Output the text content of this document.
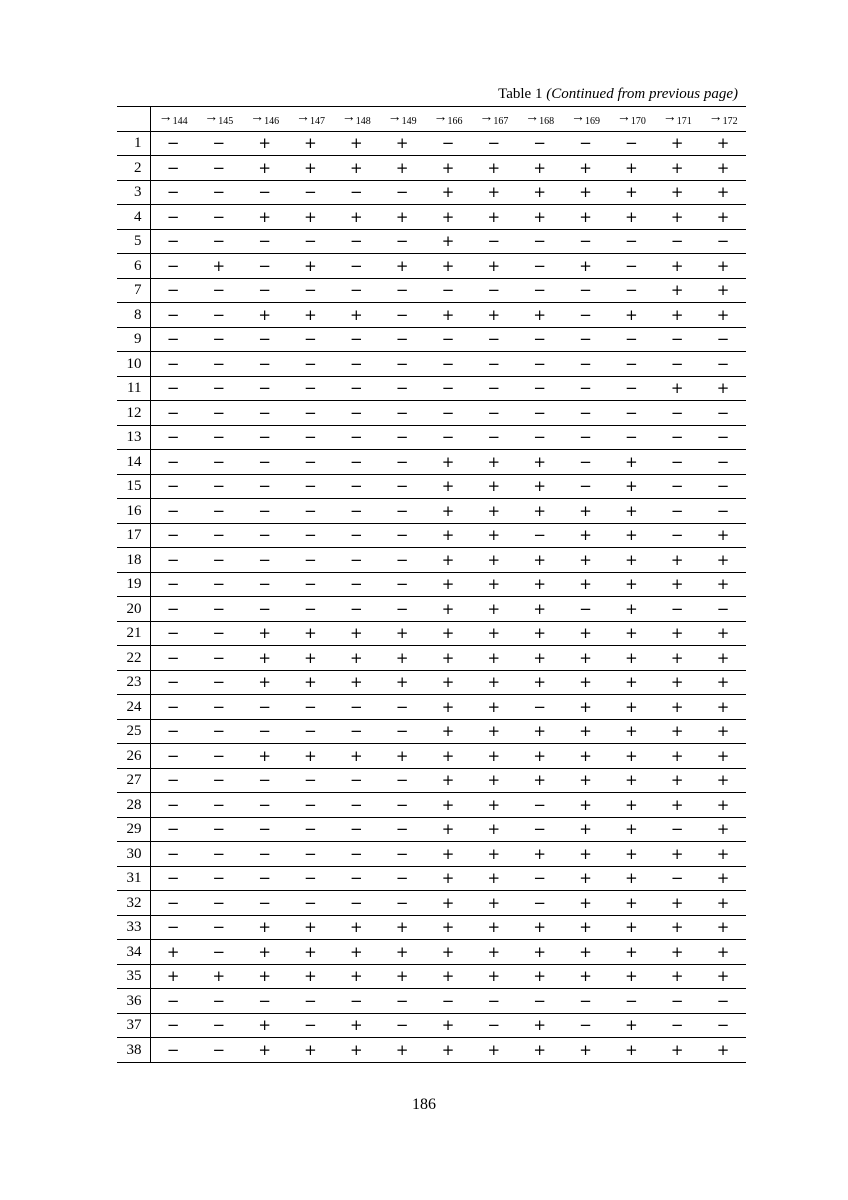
Table 1 (Continued from previous page)
	$\to_{144}$	$\to_{145}$	$\to_{146}$	$\to_{147}$	$\to_{148}$	$\to_{149}$	$\to_{166}$	$\to_{167}$	$\to_{168}$	$\to_{169}$	$\to_{170}$	$\to_{171}$	$\to_{172}$
1	−	−	+	+	+	+	−	−	−	−	−	+	+
2	−	−	+	+	+	+	+	+	+	+	+	+	+
3	−	−	−	−	−	−	+	+	+	+	+	+	+
4	−	−	+	+	+	+	+	+	+	+	+	+	+
5	−	−	−	−	−	−	+	−	−	−	−	−	−
6	−	+	−	+	−	+	+	+	−	+	−	+	+
7	−	−	−	−	−	−	−	−	−	−	−	+	+
8	−	−	+	+	+	−	+	+	+	−	+	+	+
9	−	−	−	−	−	−	−	−	−	−	−	−	−
10	−	−	−	−	−	−	−	−	−	−	−	−	−
11	−	−	−	−	−	−	−	−	−	−	−	+	+
12	−	−	−	−	−	−	−	−	−	−	−	−	−
13	−	−	−	−	−	−	−	−	−	−	−	−	−
14	−	−	−	−	−	−	+	+	+	−	+	−	−
15	−	−	−	−	−	−	+	+	+	−	+	−	−
16	−	−	−	−	−	−	+	+	+	+	+	−	−
17	−	−	−	−	−	−	+	+	−	+	+	−	+
18	−	−	−	−	−	−	+	+	+	+	+	+	+
19	−	−	−	−	−	−	+	+	+	+	+	+	+
20	−	−	−	−	−	−	+	+	+	−	+	−	−
21	−	−	+	+	+	+	+	+	+	+	+	+	+
22	−	−	+	+	+	+	+	+	+	+	+	+	+
23	−	−	+	+	+	+	+	+	+	+	+	+	+
24	−	−	−	−	−	−	+	+	−	+	+	+	+
25	−	−	−	−	−	−	+	+	+	+	+	+	+
26	−	−	+	+	+	+	+	+	+	+	+	+	+
27	−	−	−	−	−	−	+	+	+	+	+	+	+
28	−	−	−	−	−	−	+	+	−	+	+	+	+
29	−	−	−	−	−	−	+	+	−	+	+	−	+
30	−	−	−	−	−	−	+	+	+	+	+	+	+
31	−	−	−	−	−	−	+	+	−	+	+	−	+
32	−	−	−	−	−	−	+	+	−	+	+	+	+
33	−	−	+	+	+	+	+	+	+	+	+	+	+
34	+	−	+	+	+	+	+	+	+	+	+	+	+
35	+	+	+	+	+	+	+	+	+	+	+	+	+
36	−	−	−	−	−	−	−	−	−	−	−	−	−
37	−	−	+	−	+	−	+	−	+	−	+	−	−
38	−	−	+	+	+	+	+	+	+	+	+	+	+
186
